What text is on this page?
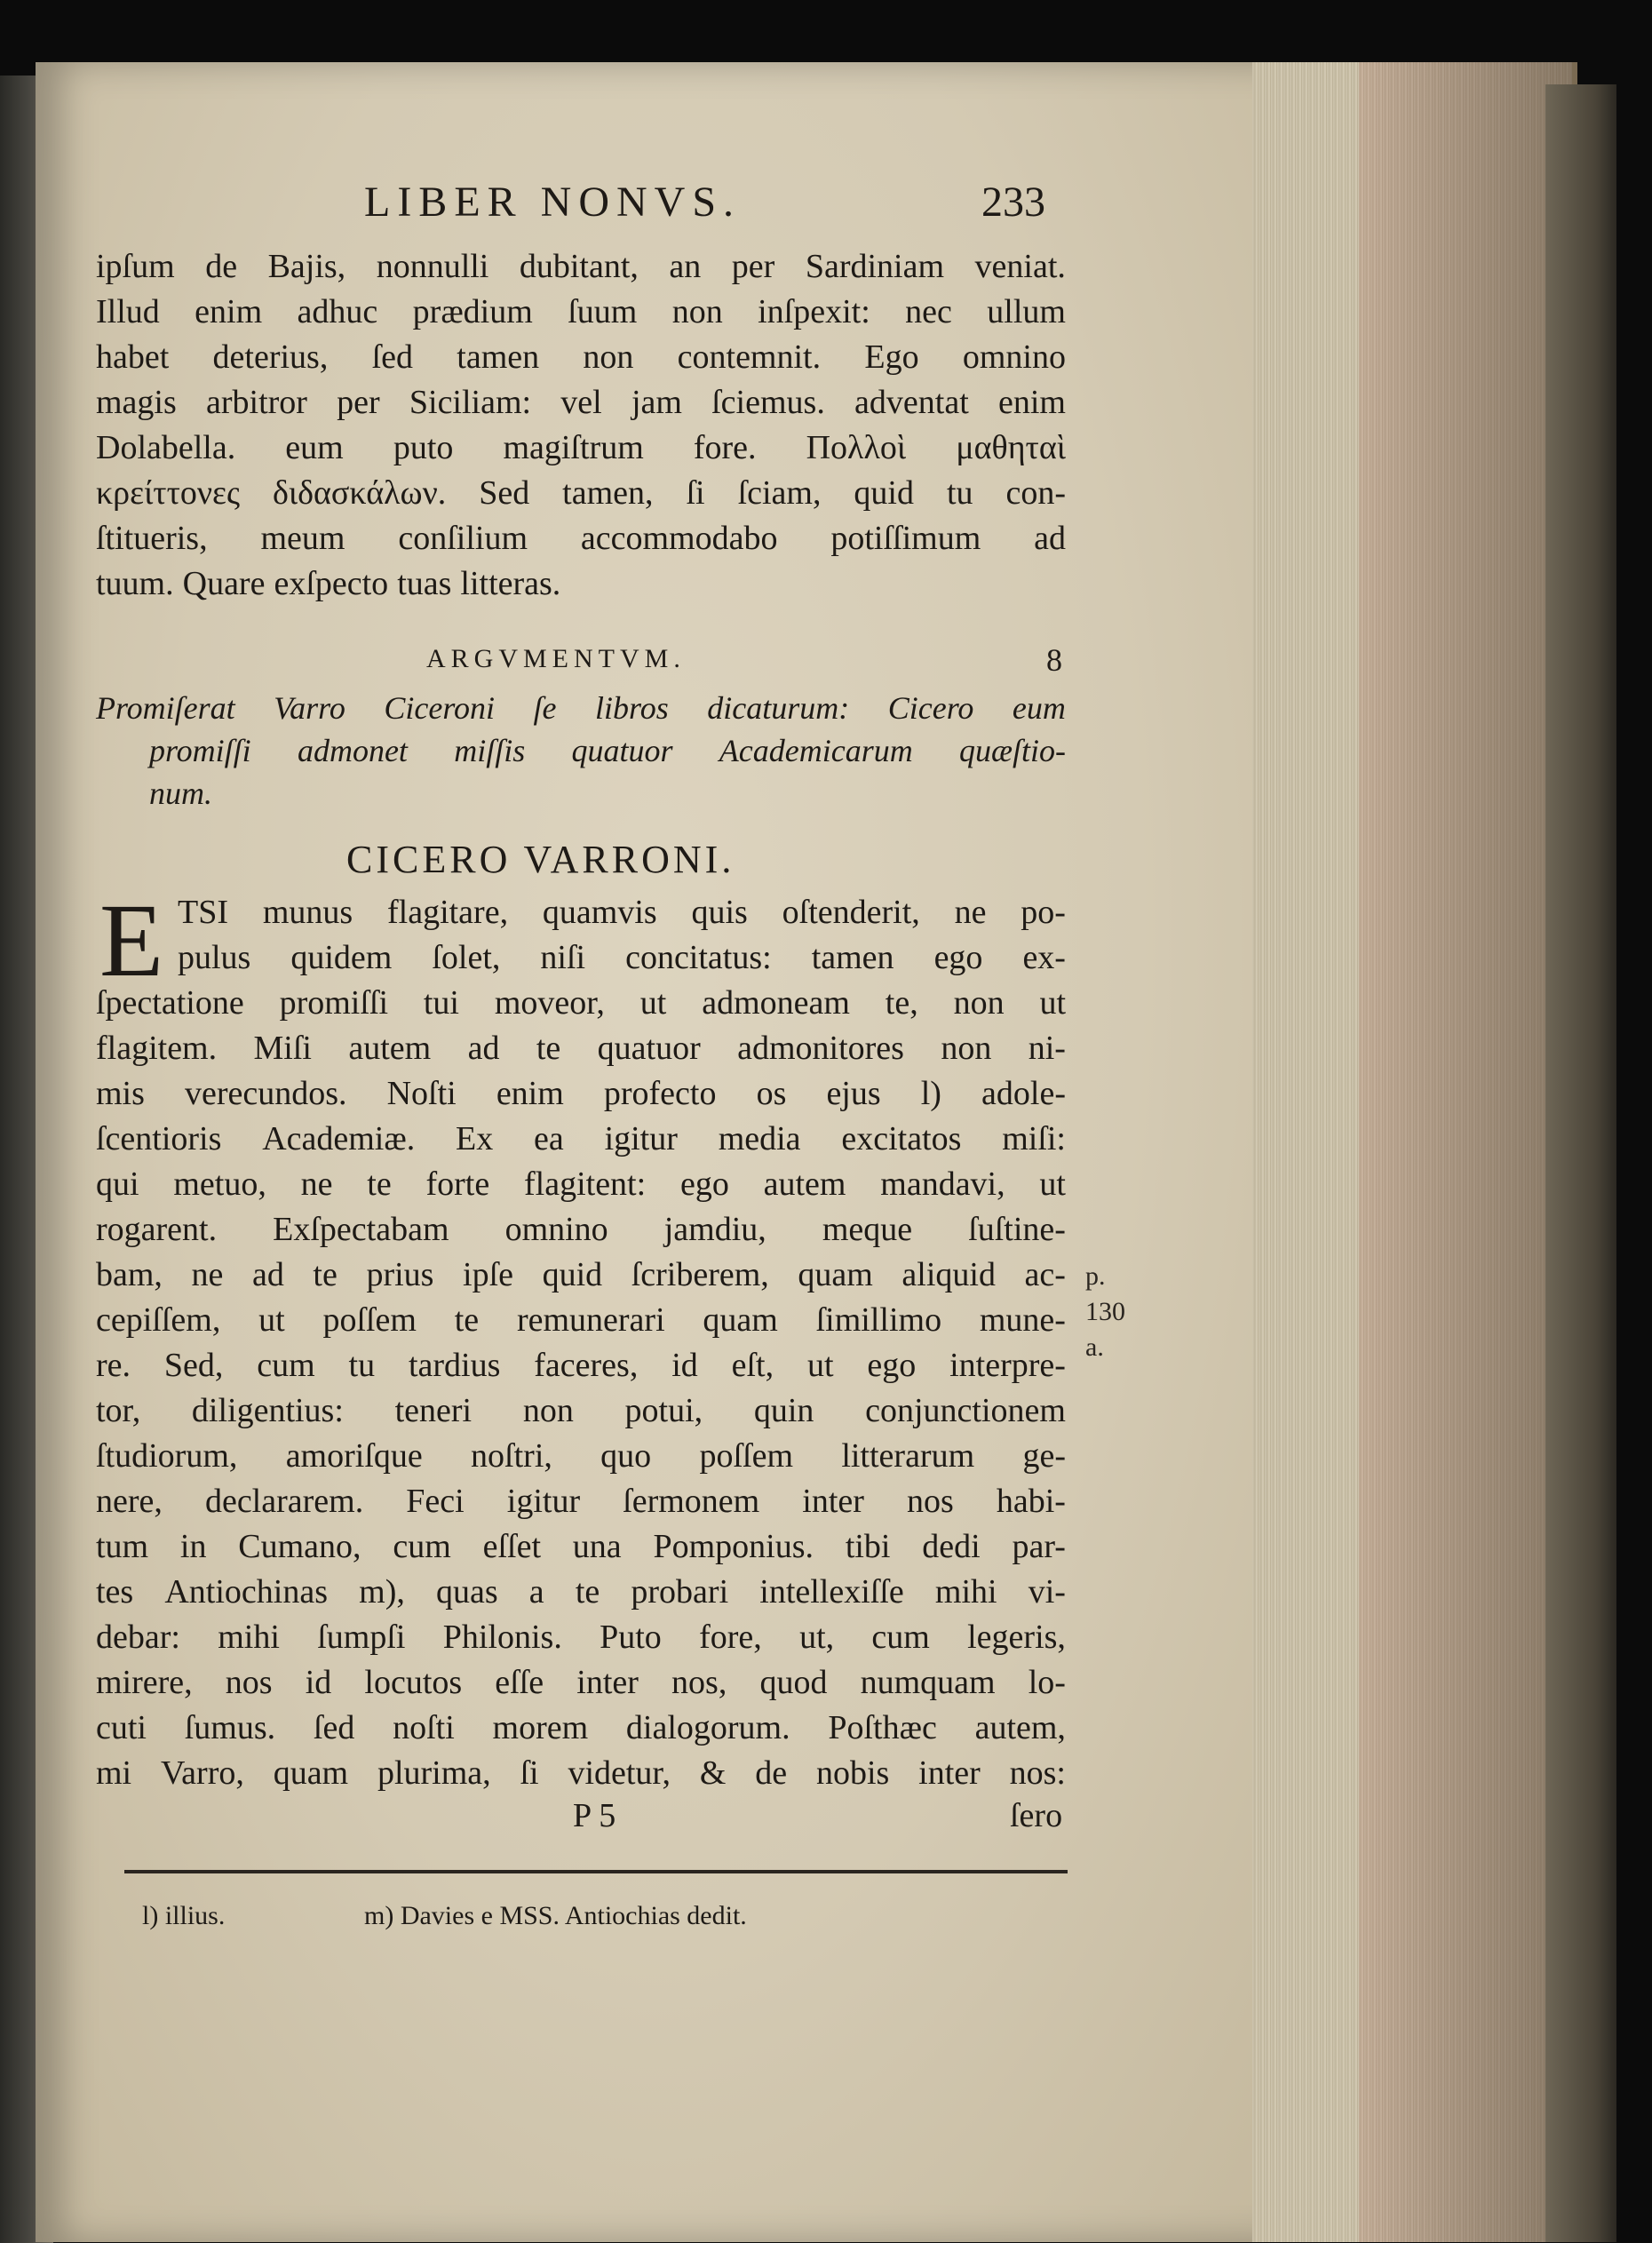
LIBER NONVS.	233
ipſum de Bajis, nonnulli dubitant, an per Sardiniam veniat.
Illud enim adhuc prædium ſuum non inſpexit: nec ullum
habet deterius, ſed tamen non contemnit. Ego omnino
magis arbitror per Siciliam: vel jam ſciemus. adventat enim
Dolabella. eum puto magiſtrum fore. Πολλοὶ μαθηταὶ
κρείττονες διδασκάλων. Sed tamen, ſi ſciam, quid tu con-
ſtitueris, meum conſilium accommodabo potiſſimum ad
tuum. Quare exſpecto tuas litteras.
ARGVMENTVM.	8
Promiſerat Varro Ciceroni ſe libros dicaturum: Cicero eum
promiſſi admonet miſſis quatuor Academicarum quæſtio-
num.
CICERO VARRONI.
E TSI munus flagitare, quamvis quis oſtenderit, ne po-
pulus quidem ſolet, niſi concitatus: tamen ego ex-
ſpectatione promiſſi tui moveor, ut admoneam te, non ut
flagitem. Miſi autem ad te quatuor admonitores non ni-
mis verecundos. Noſti enim profecto os ejus l) adole-
ſcentioris Academiæ. Ex ea igitur media excitatos miſi:
qui metuo, ne te forte flagitent: ego autem mandavi, ut
rogarent. Exſpectabam omnino jamdiu, meque ſuſtine-
bam, ne ad te prius ipſe quid ſcriberem, quam aliquid ac-
cepiſſem, ut poſſem te remunerari quam ſimillimo mune-
re. Sed, cum tu tardius faceres, id eſt, ut ego interpre-
tor, diligentius: teneri non potui, quin conjunctionem
ſtudiorum, amoriſque noſtri, quo poſſem litterarum ge-
nere, declararem. Feci igitur ſermonem inter nos habi-
tum in Cumano, cum eſſet una Pomponius. tibi dedi par-
tes Antiochinas m), quas a te probari intellexiſſe mihi vi-
debar: mihi ſumpſi Philonis. Puto fore, ut, cum legeris,
mirere, nos id locutos eſſe inter nos, quod numquam lo-
cuti ſumus. ſed noſti morem dialogorum. Poſthæc autem,
mi Varro, quam plurima, ſi videtur, & de nobis inter nos:
p.
130
a.
P 5	ſero
l) illius.	m) Davies e MSS. Antiochias dedit.
